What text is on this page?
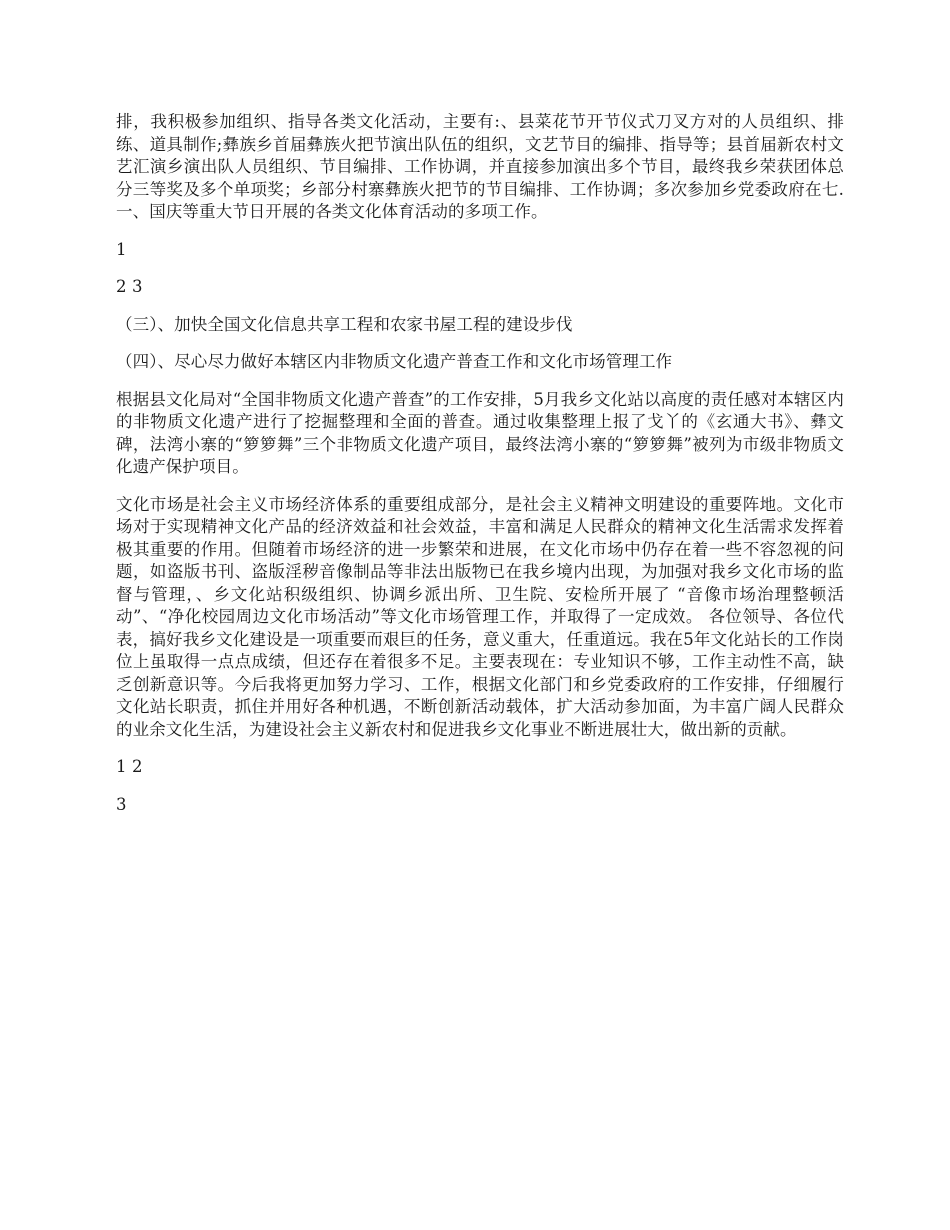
排，我积极参加组织、指导各类文化活动，主要有:、县菜花节开节仪式刀叉方对的人员组织、排练、道具制作;彝族乡首届彝族火把节演出队伍的组织，文艺节目的编排、指导等；县首届新农村文艺汇演乡演出队人员组织、节目编排、工作协调，并直接参加演出多个节目，最终我乡荣获团体总分三等奖及多个单项奖；乡部分村寨彝族火把节的节目编排、工作协调；多次参加乡党委政府在七.一、国庆等重大节日开展的各类文化体育活动的多项工作。

1

2 3

（三）、加快全国文化信息共享工程和农家书屋工程的建设步伐

（四）、尽心尽力做好本辖区内非物质文化遗产普查工作和文化市场管理工作

根据县文化局对“全国非物质文化遗产普查”的工作安排，5月我乡文化站以高度的责任感对本辖区内的非物质文化遗产进行了挖掘整理和全面的普查。通过收集整理上报了戈丫的《玄通大书》、彝文碑，法湾小寨的“箩箩舞”三个非物质文化遗产项目，最终法湾小寨的“箩箩舞”被列为市级非物质文化遗产保护项目。

文化市场是社会主义市场经济体系的重要组成部分，是社会主义精神文明建设的重要阵地。文化市场对于实现精神文化产品的经济效益和社会效益，丰富和满足人民群众的精神文化生活需求发挥着极其重要的作用。但随着市场经济的进一步繁荣和进展，在文化市场中仍存在着一些不容忽视的问题，如盗版书刊、盗版淫秽音像制品等非法出版物已在我乡境内出现，为加强对我乡文化市场的监督与管理，、乡文化站积级组织、协调乡派出所、卫生院、安检所开展了 “音像市场治理整顿活动”、“净化校园周边文化市场活动”等文化市场管理工作，并取得了一定成效。 各位领导、各位代表，搞好我乡文化建设是一项重要而艰巨的任务，意义重大，任重道远。我在5年文化站长的工作岗位上虽取得一点点成绩，但还存在着很多不足。主要表现在：专业知识不够，工作主动性不高，缺乏创新意识等。今后我将更加努力学习、工作，根据文化部门和乡党委政府的工作安排，仔细履行文化站长职责，抓住并用好各种机遇，不断创新活动载体，扩大活动参加面，为丰富广阔人民群众的业余文化生活，为建设社会主义新农村和促进我乡文化事业不断进展壮大，做出新的贡献。

1 2

3
